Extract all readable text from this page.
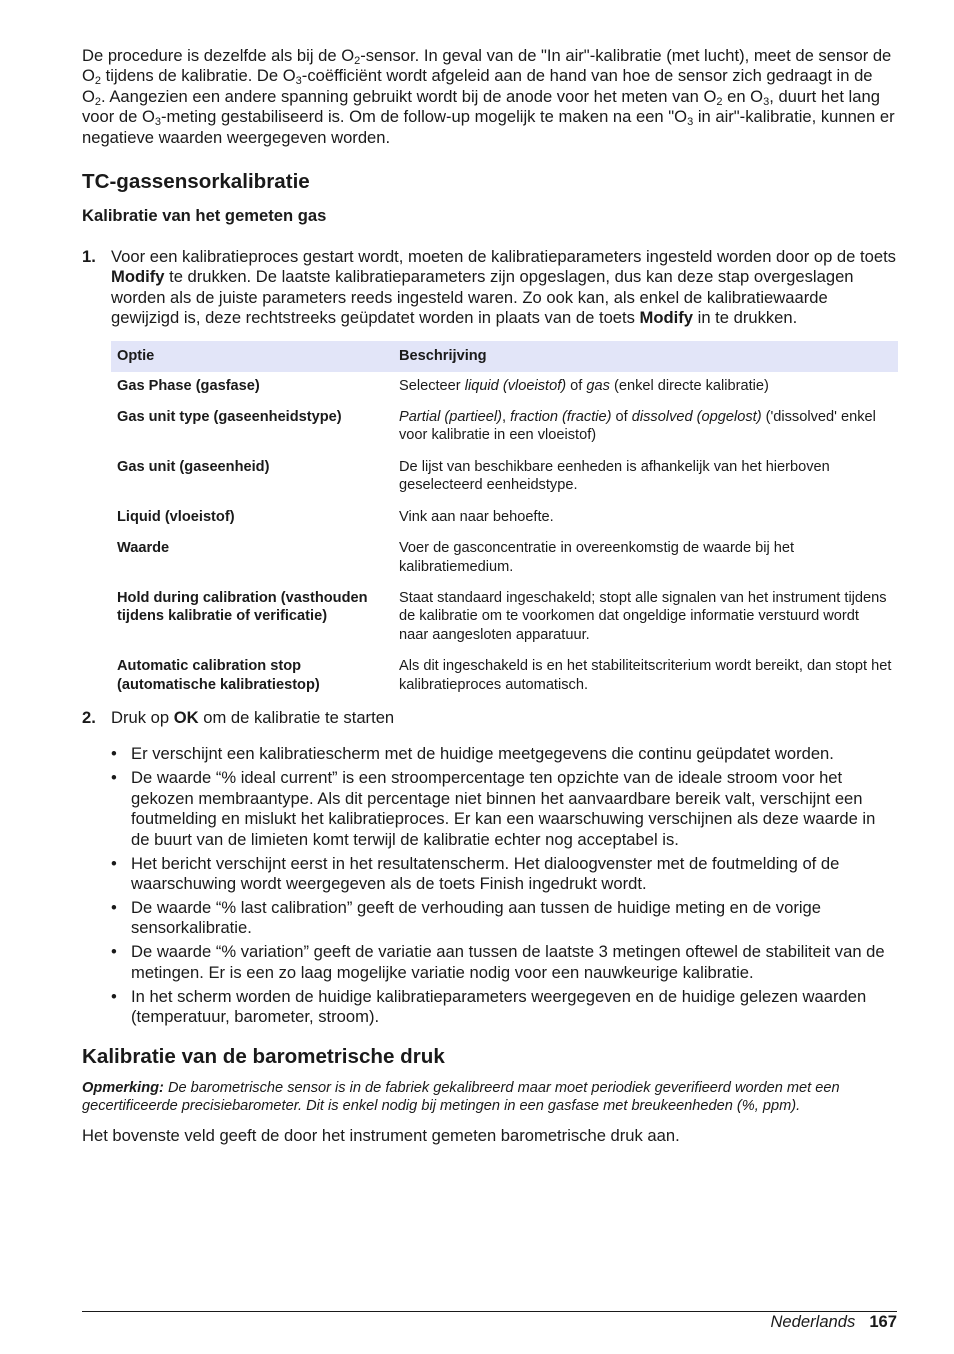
De procedure is dezelfde als bij de $O_2$-sensor. In geval van de "In air"-kalibratie (met lucht), meet de sensor de $O_2$ tijdens de kalibratie. De $O_3$-coëfficiënt wordt afgeleid aan de hand van hoe de sensor zich gedraagt in de $O_2$. Aangezien een andere spanning gebruikt wordt bij de anode voor het meten van $O_2$ en $O_3$, duurt het lang voor de $O_3$-meting gestabiliseerd is. Om de follow-up mogelijk te maken na een "$O_3$ in air"-kalibratie, kunnen er negatieve waarden weergegeven worden.

TC-gassensorkalibratie
Kalibratie van het gemeten gas
1. Voor een kalibratieproces gestart wordt, moeten de kalibratieparameters ingesteld worden door op de toets Modify te drukken. De laatste kalibratieparameters zijn opgeslagen, dus kan deze stap overgeslagen worden als de juiste parameters reeds ingesteld waren. Zo ook kan, als enkel de kalibratiewaarde gewijzigd is, deze rechtstreeks geüpdatet worden in plaats van de toets Modify in te drukken.
Optie	Beschrijving
Gas Phase (gasfase)	Selecteer liquid (vloeistof) of gas (enkel directe kalibratie)
Gas unit type (gaseenheidstype)	Partial (partieel), fraction (fractie) of dissolved (opgelost) ('dissolved' enkel voor kalibratie in een vloeistof)
Gas unit (gaseenheid)	De lijst van beschikbare eenheden is afhankelijk van het hierboven geselecteerd eenheidstype.
Liquid (vloeistof)	Vink aan naar behoefte.
Waarde	Voer de gasconcentratie in overeenkomstig de waarde bij het kalibratiemedium.
Hold during calibration (vasthouden tijdens kalibratie of verificatie)	Staat standaard ingeschakeld; stopt alle signalen van het instrument tijdens de kalibratie om te voorkomen dat ongeldige informatie verstuurd wordt naar aangesloten apparatuur.
Automatic calibration stop (automatische kalibratiestop)	Als dit ingeschakeld is en het stabiliteitscriterium wordt bereikt, dan stopt het kalibratieproces automatisch.
2. Druk op OK om de kalibratie te starten
• Er verschijnt een kalibratiescherm met de huidige meetgegevens die continu geüpdatet worden.
• De waarde “% ideal current” is een stroompercentage ten opzichte van de ideale stroom voor het gekozen membraantype. Als dit percentage niet binnen het aanvaardbare bereik valt, verschijnt een foutmelding en mislukt het kalibratieproces. Er kan een waarschuwing verschijnen als deze waarde in de buurt van de limieten komt terwijl de kalibratie echter nog acceptabel is.
• Het bericht verschijnt eerst in het resultatenscherm. Het dialoogvenster met de foutmelding of de waarschuwing wordt weergegeven als de toets Finish ingedrukt wordt.
• De waarde “% last calibration” geeft de verhouding aan tussen de huidige meting en de vorige sensorkalibratie.
• De waarde “% variation” geeft de variatie aan tussen de laatste 3 metingen oftewel de stabiliteit van de metingen. Er is een zo laag mogelijke variatie nodig voor een nauwkeurige kalibratie.
• In het scherm worden de huidige kalibratieparameters weergegeven en de huidige gelezen waarden (temperatuur, barometer, stroom).
Kalibratie van de barometrische druk

Opmerking: De barometrische sensor is in de fabriek gekalibreerd maar moet periodiek geverifieerd worden met een gecertificeerde precisiebarometer. Dit is enkel nodig bij metingen in een gasfase met breukeenheden (%, ppm).

Het bovenste veld geeft de door het instrument gemeten barometrische druk aan.

Nederlands 167
